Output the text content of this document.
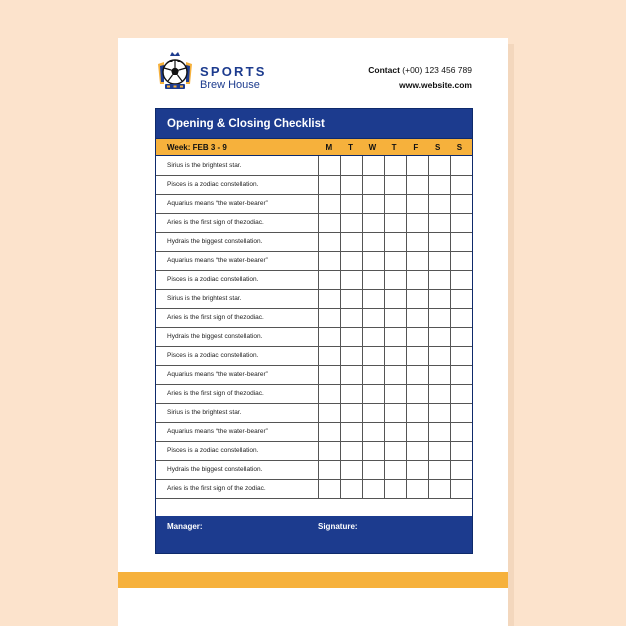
SPORTS
Brew House
Contact (+00) 123 456 789
www.website.com
Opening & Closing Checklist
Week: FEB 3 - 9	M	T	W	T	F	S	S
Sirius is the brightest star.							
Pisces is a zodiac constellation.							
Aquarius means “the water-bearer”							
Aries is the first sign of thezodiac.							
Hydrais the biggest constellation.							
Aquarius means “the water-bearer”							
Pisces is a zodiac constellation.							
Sirius is the brightest star.							
Aries is the first sign of thezodiac.							
Hydrais the biggest constellation.							
Pisces is a zodiac constellation.							
Aquarius means “the water-bearer”							
Aries is the first sign of thezodiac.							
Sirius is the brightest star.							
Aquarius means “the water-bearer”							
Pisces is a zodiac constellation.							
Hydrais the biggest constellation.							
Aries is the first sign of the zodiac.							
Manager:	Signature:
